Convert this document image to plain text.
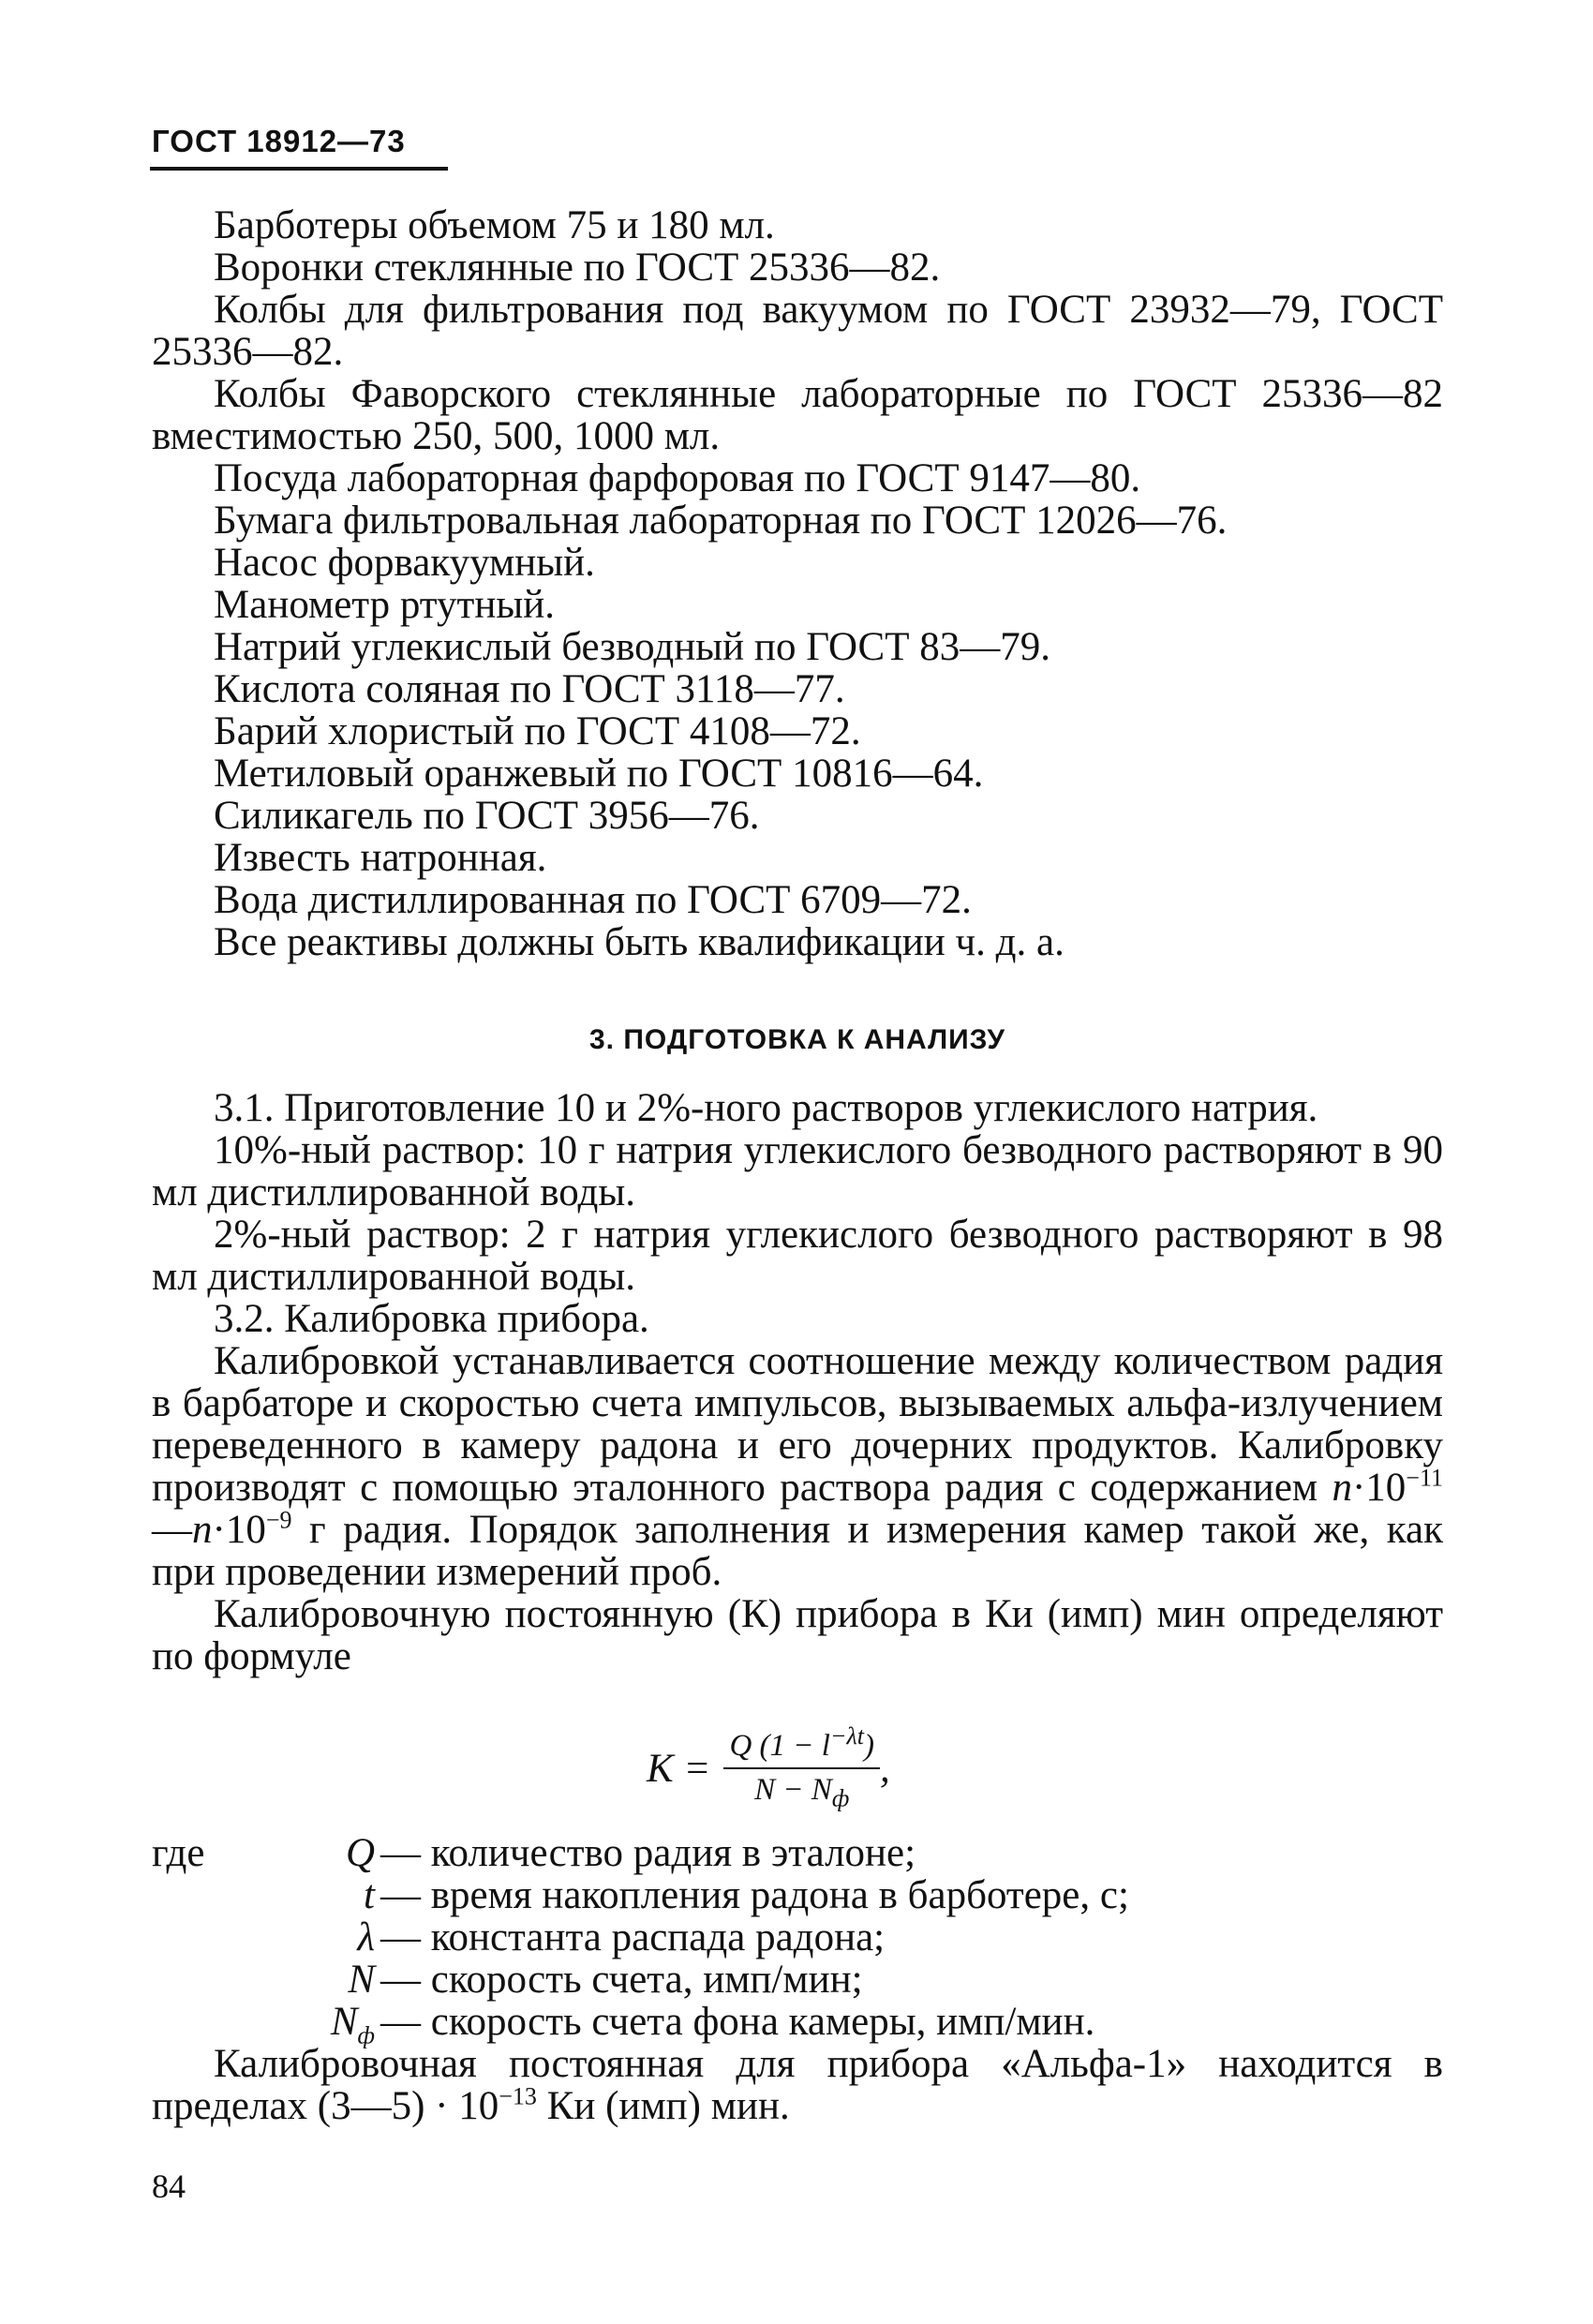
ГОСТ 18912—73

Барботеры объемом 75 и 180 мл.

Воронки стеклянные по ГОСТ 25336—82.

Колбы для фильтрования под вакуумом по ГОСТ 23932—79, ГОСТ 25336—82.

Колбы Фаворского стеклянные лабораторные по ГОСТ 25336—82 вместимостью 250, 500, 1000 мл.

Посуда лабораторная фарфоровая по ГОСТ 9147—80.

Бумага фильтровальная лабораторная по ГОСТ 12026—76.

Насос форвакуумный.

Манометр ртутный.

Натрий углекислый безводный по ГОСТ 83—79.

Кислота соляная по ГОСТ 3118—77.

Барий хлористый по ГОСТ 4108—72.

Метиловый оранжевый по ГОСТ 10816—64.

Силикагель по ГОСТ 3956—76.

Известь натронная.

Вода дистиллированная по ГОСТ 6709—72.

Все реактивы должны быть квалификации ч. д. а.

3. ПОДГОТОВКА К АНАЛИЗУ

3.1. Приготовление 10 и 2%-ного растворов углекислого натрия.

10%-ный раствор: 10 г натрия углекислого безводного растворяют в 90 мл дистиллированной воды.

2%-ный раствор: 2 г натрия углекислого безводного растворяют в 98 мл дистиллированной воды.

3.2. Калибровка прибора.

Калибровкой устанавливается соотношение между количеством радия в барбаторе и скоростью счета импульсов, вызываемых альфа-излучением переведенного в камеру радона и его дочерних продуктов. Калибровку производят с помощью эталонного раствора радия с содержанием $n\cdot 10^{-11}—n\cdot 10^{-9}$ г радия. Порядок заполнения и измерения камер такой же, как при проведении измерений проб.

Калибровочную постоянную (К) прибора в Ки (имп) мин определяют по формуле

$K = \frac{Q (1 - l^{-\lambda t})}{N - N_ф}$ ,
где	Q — количество радия в эталоне;
t — время накопления радона в барботере, с;
λ — константа распада радона;
N — скорость счета, имп/мин;
$N_ф$ — скорость счета фона камеры, имп/мин.

Калибровочная постоянная для прибора «Альфа-1» находится в пределах (3—5) · $10^{-13}$ Ки (имп) мин.

84
